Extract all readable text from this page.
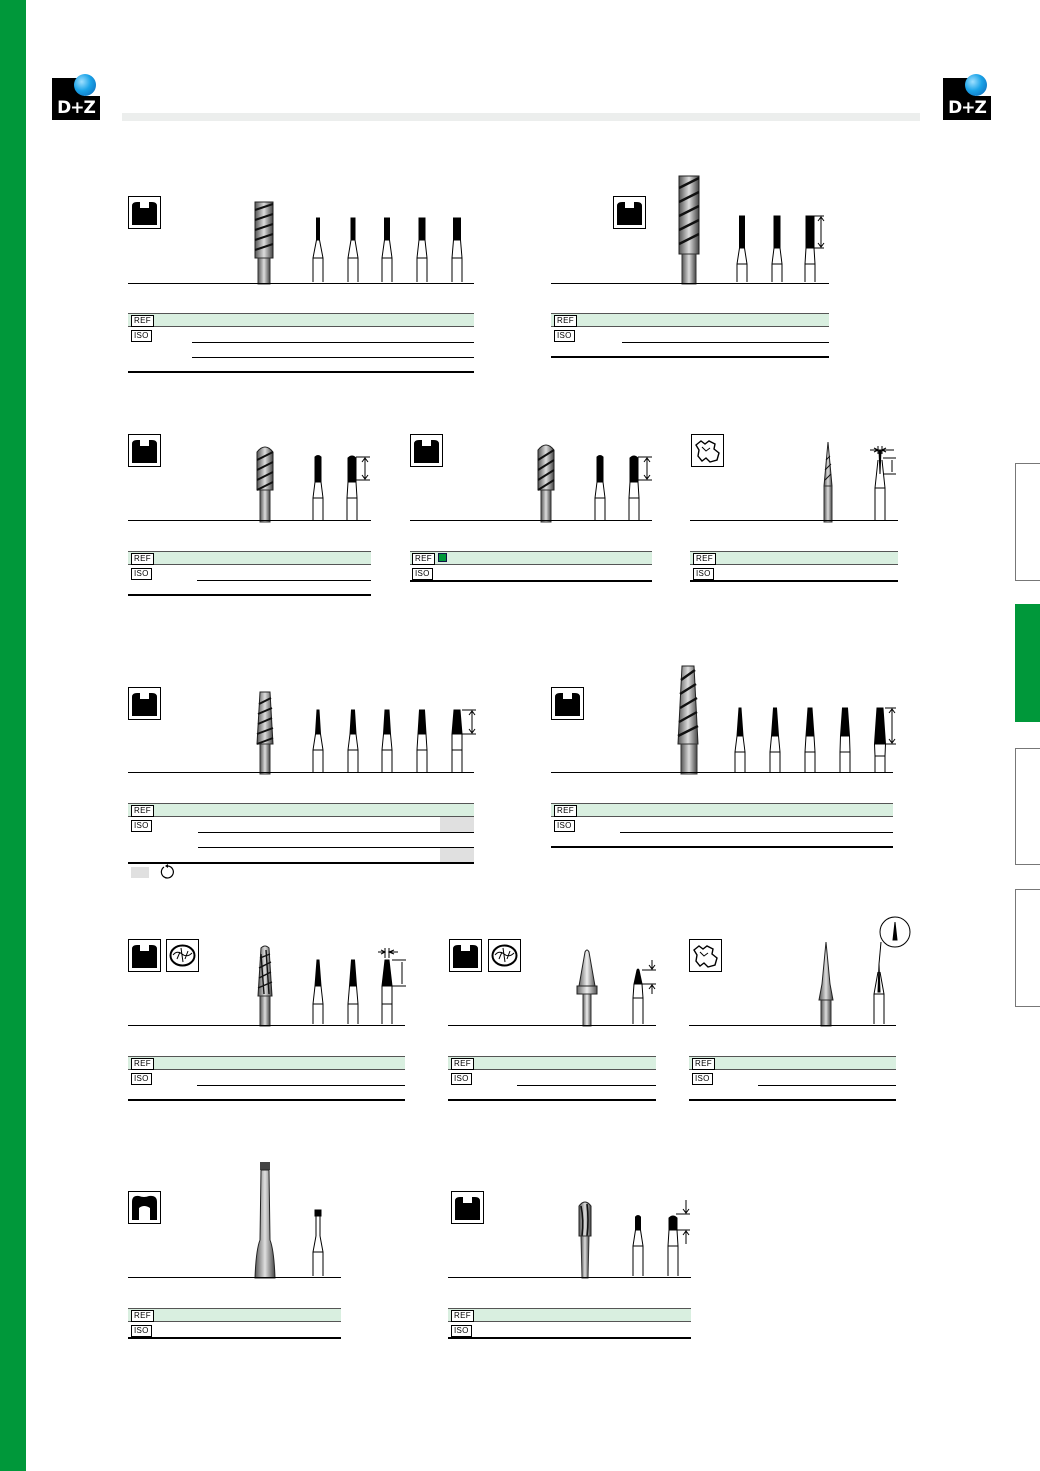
D+Z	D+Z
REF
ISO
REF
ISO
REF
ISO
REF
ISO
REF
ISO
REF
ISO
REF
ISO
REF
ISO
REF
ISO
REF
ISO
REF
ISO
REF
ISO
